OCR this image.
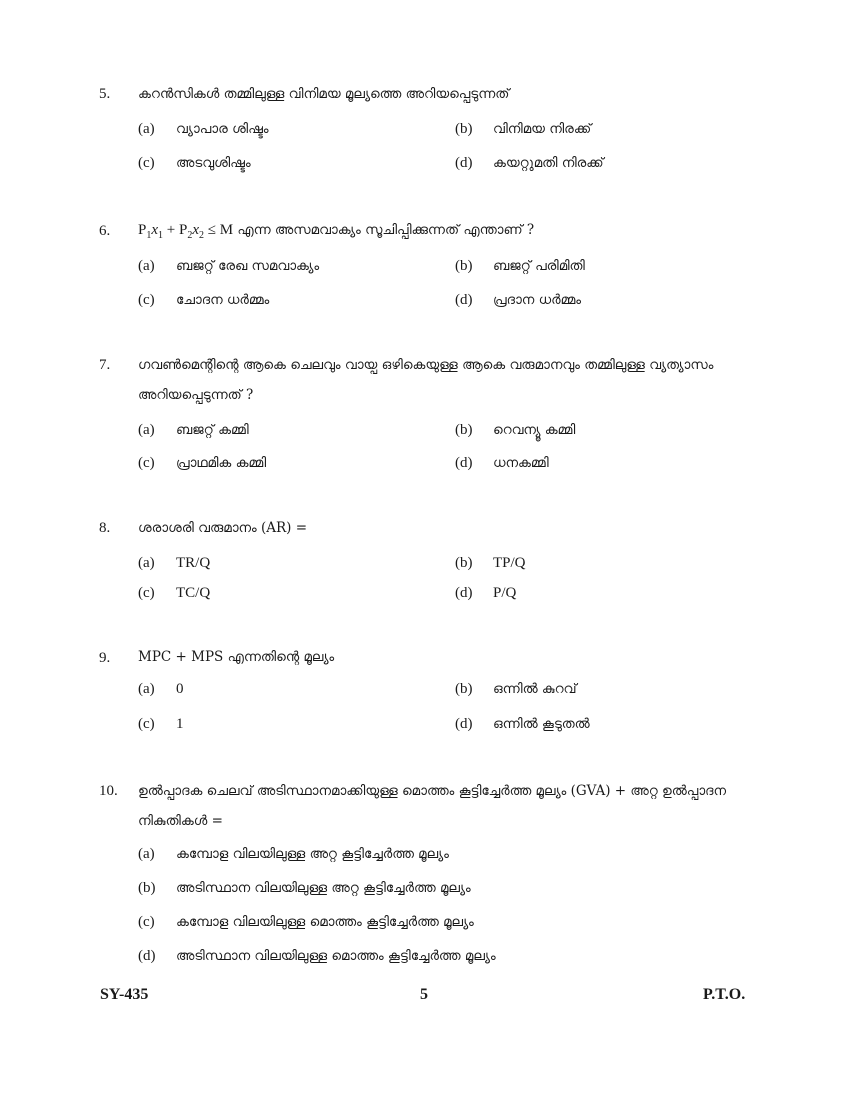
5. കറൻസികൾ തമ്മിലുള്ള വിനിമയ മൂല്യത്തെ അറിയപ്പെടുന്നത്
(a) വ്യാപാര ശിഷ്ടം	(b) വിനിമയ നിരക്ക്
(c) അടവുശിഷ്ടം	(d) കയറ്റുമതി നിരക്ക്
6. $P_1x_1 + P_2x_2 \le M$ എന്ന അസമവാക്യം സൂചിപ്പിക്കുന്നത് എന്താണ് ?
(a) ബജറ്റ് രേഖ സമവാക്യം	(b) ബജറ്റ് പരിമിതി
(c) ചോദന ധർമ്മം	(d) പ്രദാന ധർമ്മം
7. ഗവൺമെന്റിന്റെ ആകെ ചെലവും വായ്പ ഒഴികെയുള്ള ആകെ വരുമാനവും തമ്മിലുള്ള വ്യത്യാസം അറിയപ്പെടുന്നത് ?
(a) ബജറ്റ് കമ്മി	(b) റെവന്യൂ കമ്മി
(c) പ്രാഥമിക കമ്മി	(d) ധനകമ്മി
8. ശരാശരി വരുമാനം (AR) =
(a) TR/Q	(b) TP/Q
(c) TC/Q	(d) P/Q
9. MPC + MPS എന്നതിന്റെ മൂല്യം
(a) 0	(b) ഒന്നിൽ കുറവ്
(c) 1	(d) ഒന്നിൽ കൂടുതൽ
10. ഉൽപ്പാദക ചെലവ് അടിസ്ഥാനമാക്കിയുള്ള മൊത്തം കൂട്ടിച്ചേർത്ത മൂല്യം (GVA) + അറ്റ ഉൽപ്പാദന നികുതികൾ =
(a) കമ്പോള വിലയിലുള്ള അറ്റ കൂട്ടിച്ചേർത്ത മൂല്യം
(b) അടിസ്ഥാന വിലയിലുള്ള അറ്റ കൂട്ടിച്ചേർത്ത മൂല്യം
(c) കമ്പോള വിലയിലുള്ള മൊത്തം കൂട്ടിച്ചേർത്ത മൂല്യം
(d) അടിസ്ഥാന വിലയിലുള്ള മൊത്തം കൂട്ടിച്ചേർത്ത മൂല്യം
SY-435	5	P.T.O.
